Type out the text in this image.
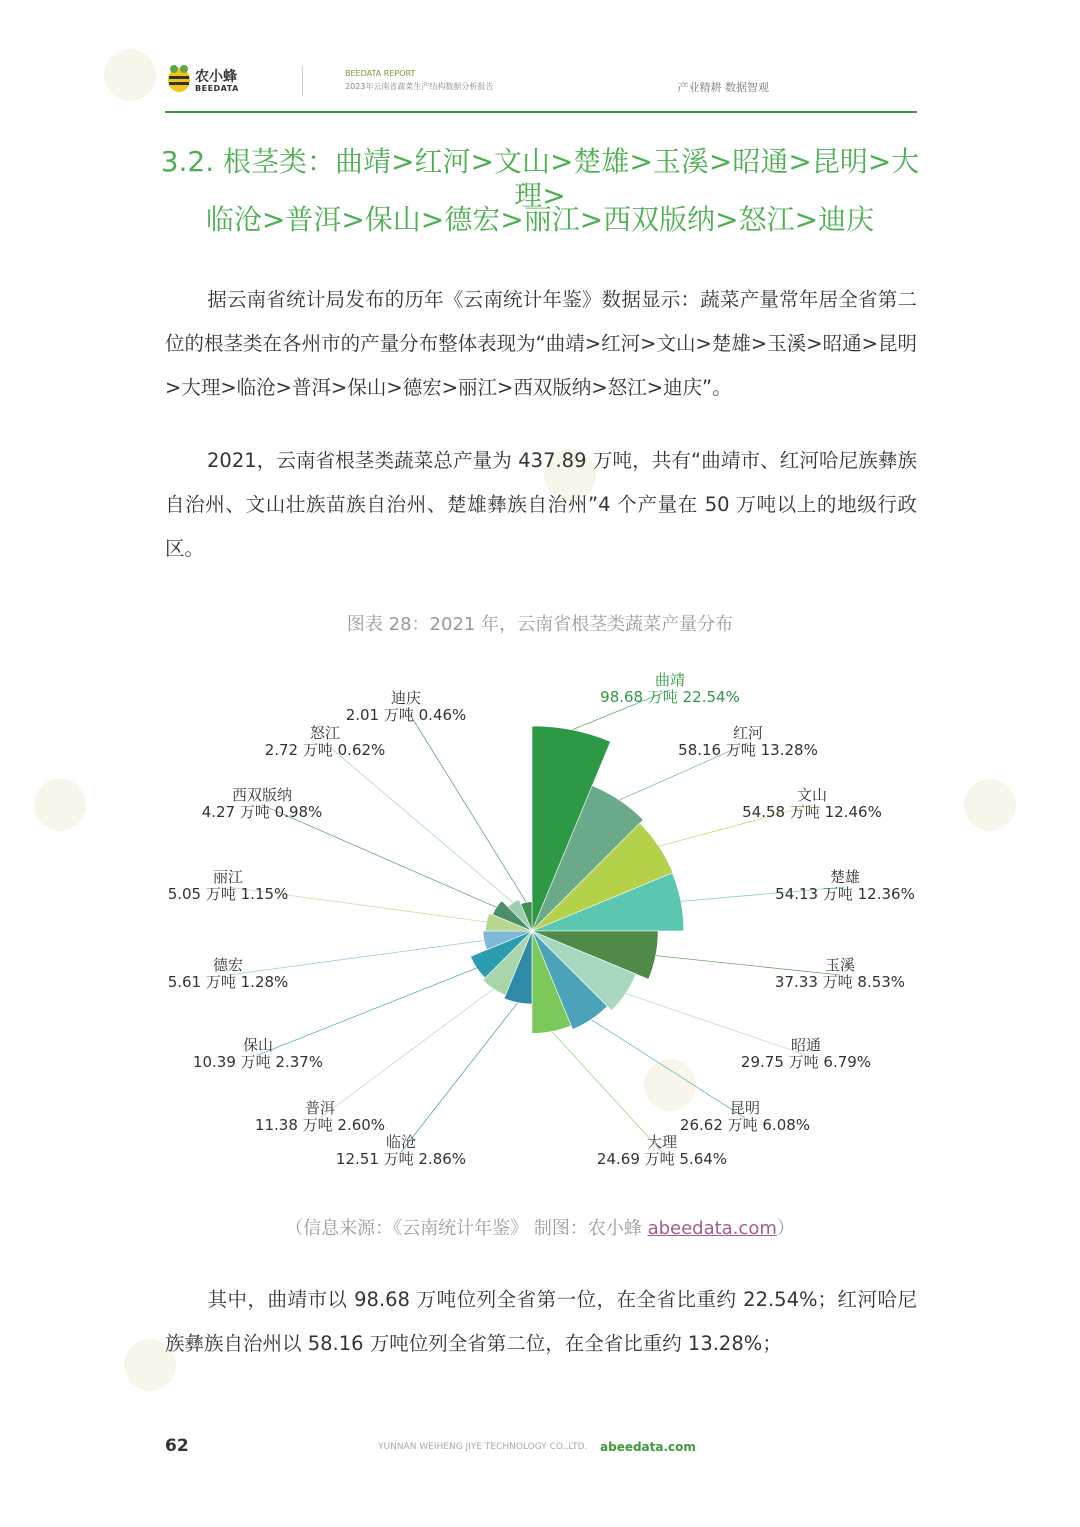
农小蜂
BEEDATA
BEEDATA REPORT
2023年云南省蔬菜生产结构数据分析报告	产业精耕 数据智观
3.2. 根茎类：曲靖>红河>文山>楚雄>玉溪>昭通>昆明>大理>
临沧>普洱>保山>德宏>丽江>西双版纳>怒江>迪庆
据云南省统计局发布的历年《云南统计年鉴》数据显示：蔬菜产量常年居全省第二位的根茎类在各州市的产量分布整体表现为“曲靖>红河>文山>楚雄>玉溪>昭通>昆明>大理>临沧>普洱>保山>德宏>丽江>西双版纳>怒江>迪庆”。
2021，云南省根茎类蔬菜总产量为 437.89 万吨，共有“曲靖市、红河哈尼族彝族自治州、文山壮族苗族自治州、楚雄彝族自治州”4 个产量在 50 万吨以上的地级行政区。
图表 28：2021 年，云南省根茎类蔬菜产量分布
曲靖
98.68 万吨 22.54%
红河
58.16 万吨 13.28%
文山
54.58 万吨 12.46%
楚雄
54.13 万吨 12.36%
玉溪
37.33 万吨 8.53%
昭通
29.75 万吨 6.79%
昆明
26.62 万吨 6.08%
大理
24.69 万吨 5.64%
临沧
12.51 万吨 2.86%
普洱
11.38 万吨 2.60%
保山
10.39 万吨 2.37%
德宏
5.61 万吨 1.28%
丽江
5.05 万吨 1.15%
西双版纳
4.27 万吨 0.98%
怒江
2.72 万吨 0.62%
迪庆
2.01 万吨 0.46%
（信息来源：《云南统计年鉴》 制图：农小蜂 abeedata.com）
其中，曲靖市以 98.68 万吨位列全省第一位，在全省比重约 22.54%；红河哈尼族彝族自治州以 58.16 万吨位列全省第二位，在全省比重约 13.28%；
62	YUNNAN WEIHENG JIYE TECHNOLOGY CO.,LTD. abeedata.com
